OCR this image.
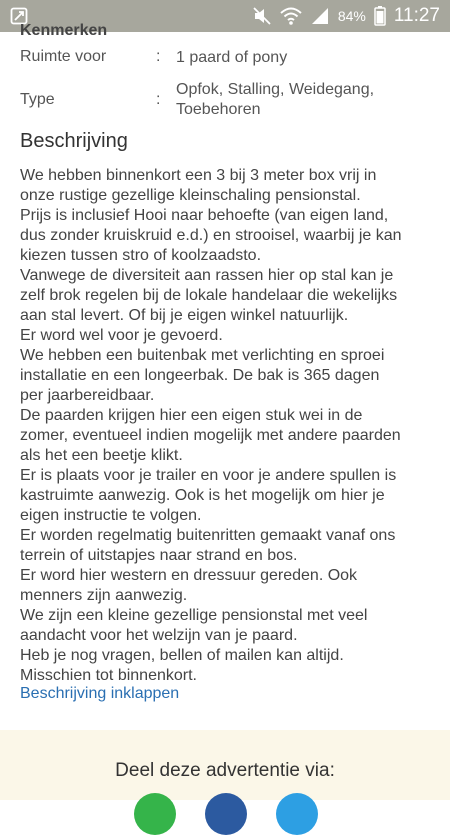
84% 11:27
Kenmerken
Ruimte voor	: 1 paard of pony
Type	:
Opfok, Stalling, Weidegang,
Toebehoren
Beschrijving
We hebben binnenkort een 3 bij 3 meter box vrij in
onze rustige gezellige kleinschaling pensionstal.
Prijs is inclusief Hooi naar behoefte (van eigen land,
dus zonder kruiskruid e.d.) en strooisel, waarbij je kan
kiezen tussen stro of koolzaadsto.
Vanwege de diversiteit aan rassen hier op stal kan je
zelf brok regelen bij de lokale handelaar die wekelijks
aan stal levert. Of bij je eigen winkel natuurlijk.
Er word wel voor je gevoerd.
We hebben een buitenbak met verlichting en sproei
installatie en een longeerbak. De bak is 365 dagen
per jaarbereidbaar.
De paarden krijgen hier een eigen stuk wei in de
zomer, eventueel indien mogelijk met andere paarden
als het een beetje klikt.
Er is plaats voor je trailer en voor je andere spullen is
kastruimte aanwezig. Ook is het mogelijk om hier je
eigen instructie te volgen.
Er worden regelmatig buitenritten gemaakt vanaf ons
terrein of uitstapjes naar strand en bos.
Er word hier western en dressuur gereden. Ook
menners zijn aanwezig.
We zijn een kleine gezellige pensionstal met veel
aandacht voor het welzijn van je paard.
Heb je nog vragen, bellen of mailen kan altijd.
Misschien tot binnenkort.
Beschrijving inklappen
Deel deze advertentie via:
